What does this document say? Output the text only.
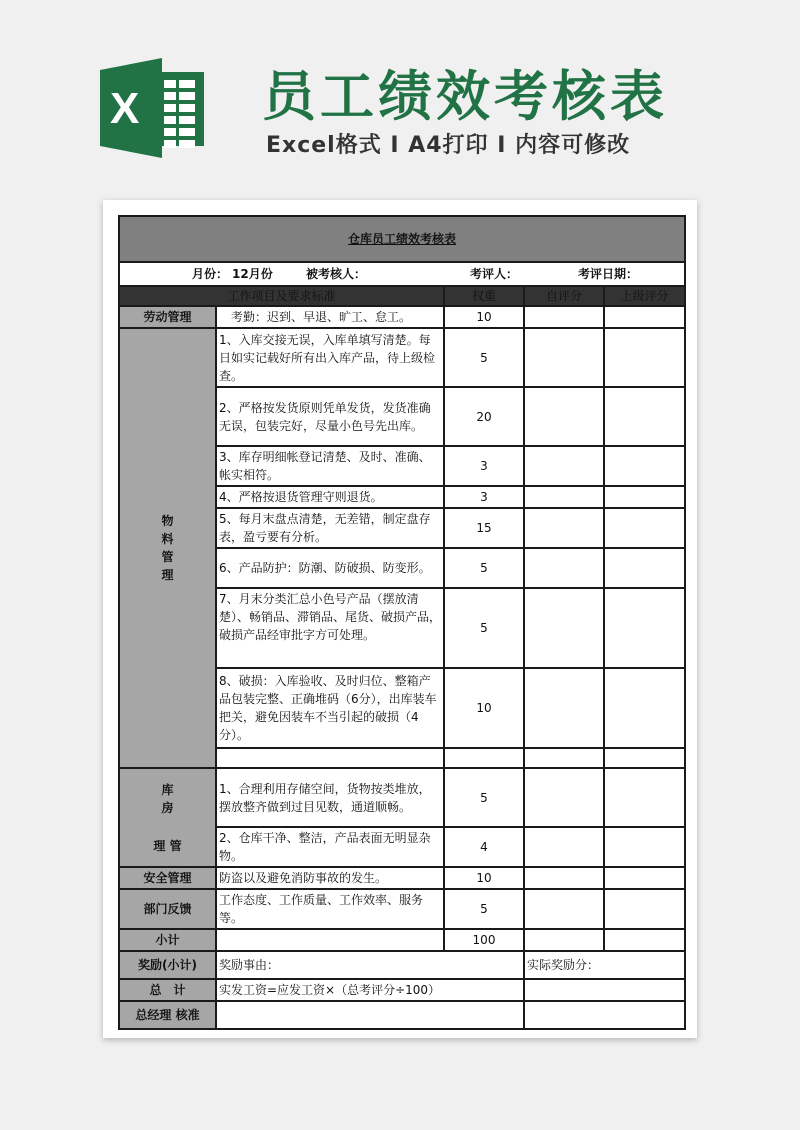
X 员工绩效考核表
Excel格式 I A4打印 I 内容可修改
仓库员工绩效考核表				

月份： 12月份 被考核人： 考评人： 考评日期：				

工作项目及要求标准		权重	自评分	上级评分
劳动管理	考勤：迟到、早退、旷工、怠工。	10		

物
料
管
理	1、入库交接无误，入库单填写清楚。每日如实记载好所有出入库产品，待上级检查。	5		
	2、严格按发货原则凭单发货，发货准确无误，包装完好，尽量小色号先出库。	20		
	3、库存明细帐登记清楚、及时、准确、帐实相符。	3		
	4、严格按退货管理守则退货。	3		
	5、每月末盘点清楚，无差错，制定盘存表，盈亏要有分析。	15		
	6、产品防护：防潮、防破损、防变形。	5		
	7、月末分类汇总小色号产品（摆放清楚）、畅销品、滞销品、尾货、破损产品，破损产品经审批字方可处理。	5		
	8、破损：入库验收、及时归位、整箱产品包装完整、正确堆码（6分），出库装车把关，避免因装车不当引起的破损（4分）。	10		

库
房
理 管	1、合理利用存储空间，货物按类堆放，摆放整齐做到过目见数，通道顺畅。	5		
	2、仓库干净、整洁，产品表面无明显杂物。	4		
安全管理	防盗以及避免消防事故的发生。	10		
部门反馈	工作态度、工作质量、工作效率、服务等。	5		
小计		100		
奖励(小计)	奖励事由：		实际奖励分：	
总　计	实发工资=应发工资×（总考评分÷100）			
总经理 核准				
